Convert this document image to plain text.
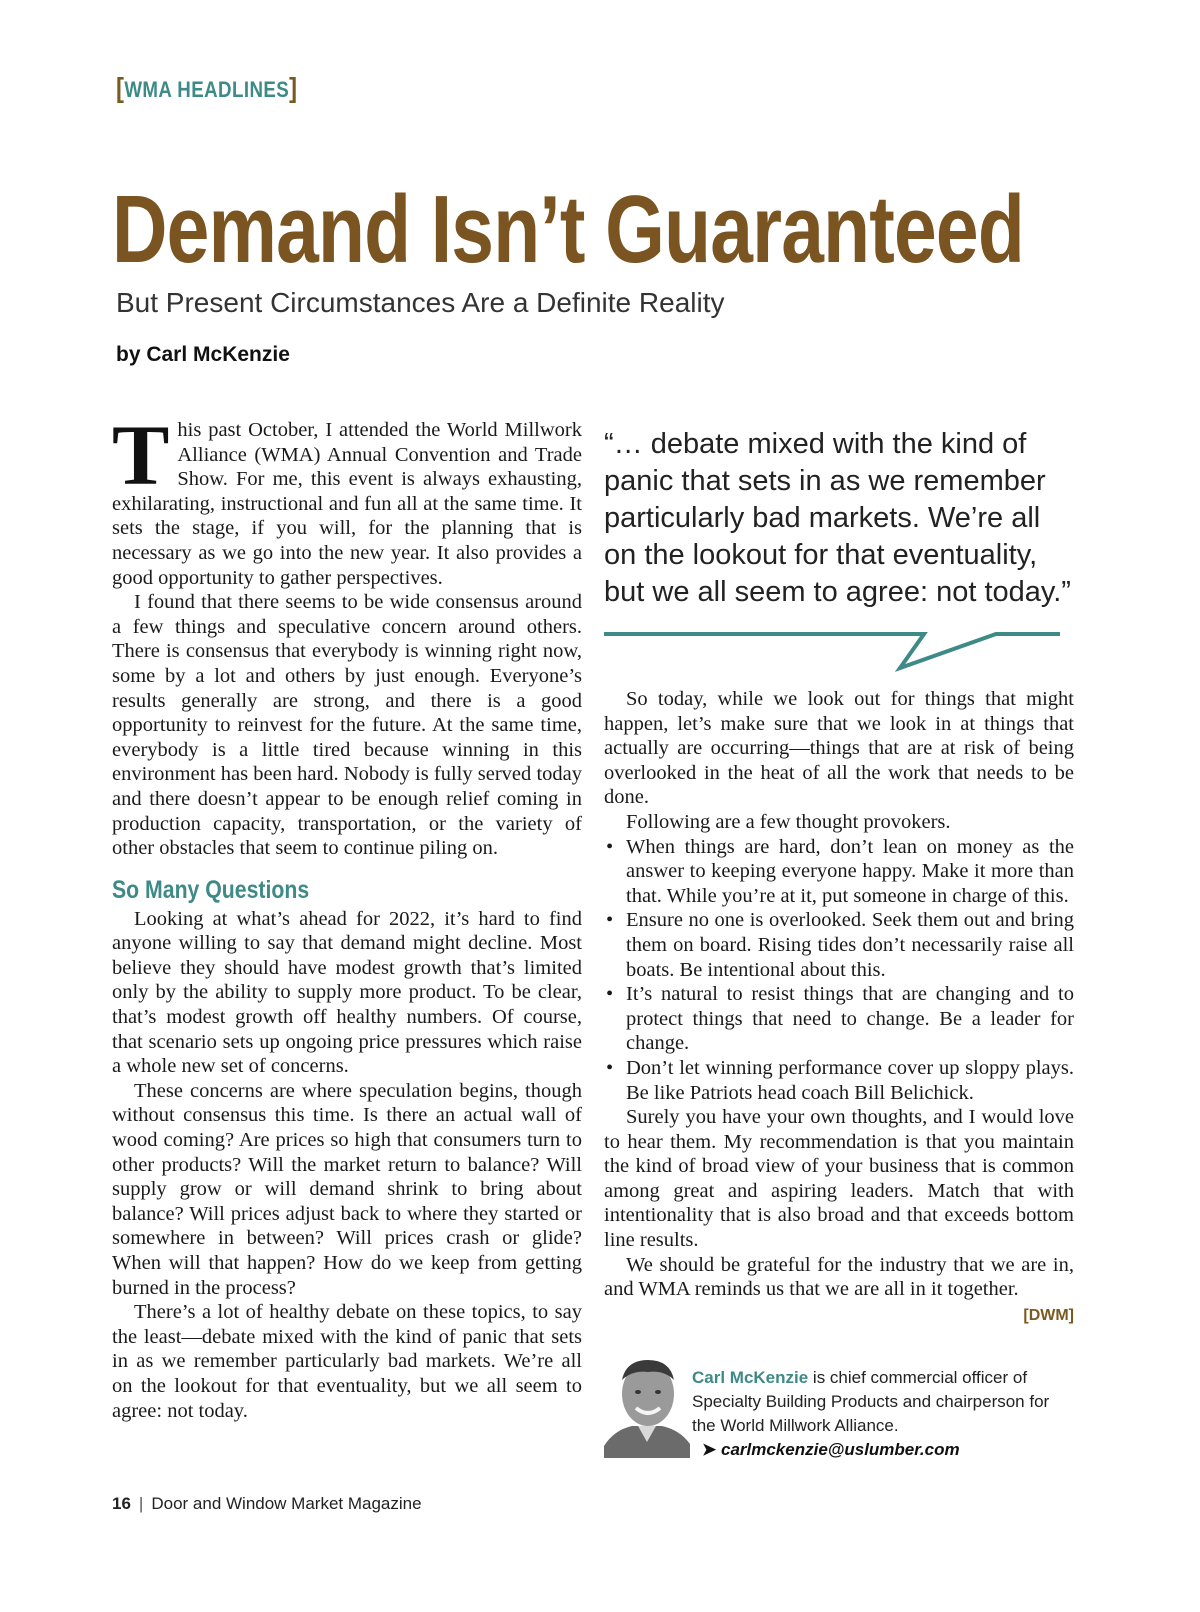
[WMA HEADLINES]
Demand Isn’t Guaranteed
But Present Circumstances Are a Definite Reality
by Carl McKenzie

This past October, I attended the World Millwork Alliance (WMA) Annual Convention and Trade Show. For me, this event is always exhausting, exhilarating, instructional and fun all at the same time. It sets the stage, if you will, for the planning that is necessary as we go into the new year. It also provides a good opportunity to gather perspectives.

I found that there seems to be wide consensus around a few things and speculative concern around others. There is consensus that everybody is winning right now, some by a lot and others by just enough. Everyone’s results generally are strong, and there is a good opportunity to reinvest for the future. At the same time, everybody is a little tired because winning in this environment has been hard. Nobody is fully served today and there doesn’t appear to be enough relief coming in production capacity, transportation, or the variety of other obstacles that seem to continue piling on.

So Many Questions

Looking at what’s ahead for 2022, it’s hard to find anyone willing to say that demand might decline. Most believe they should have modest growth that’s limited only by the ability to supply more product. To be clear, that’s modest growth off healthy numbers. Of course, that scenario sets up ongoing price pressures which raise a whole new set of concerns.

These concerns are where speculation begins, though without consensus this time. Is there an actual wall of wood coming? Are prices so high that consumers turn to other products? Will the market return to balance? Will supply grow or will demand shrink to bring about balance? Will prices adjust back to where they started or somewhere in between? Will prices crash or glide? When will that happen? How do we keep from getting burned in the process?

There’s a lot of healthy debate on these topics, to say the least—debate mixed with the kind of panic that sets in as we remember particularly bad markets. We’re all on the lookout for that eventuality, but we all seem to agree: not today.

“… debate mixed with the kind of panic that sets in as we remember particularly bad markets. We’re all on the lookout for that eventuality, but we all seem to agree: not today.”

So today, while we look out for things that might happen, let’s make sure that we look in at things that actually are occurring—things that are at risk of being overlooked in the heat of all the work that needs to be done.

Following are a few thought provokers.

• When things are hard, don’t lean on money as the answer to keeping everyone happy. Make it more than that. While you’re at it, put someone in charge of this.
• Ensure no one is overlooked. Seek them out and bring them on board. Rising tides don’t necessarily raise all boats. Be intentional about this.
• It’s natural to resist things that are changing and to protect things that need to change. Be a leader for change.
• Don’t let winning performance cover up sloppy plays. Be like Patriots head coach Bill Belichick.

Surely you have your own thoughts, and I would love to hear them. My recommendation is that you maintain the kind of broad view of your business that is common among great and aspiring leaders. Match that with intentionality that is also broad and that exceeds bottom line results.

We should be grateful for the industry that we are in, and WMA reminds us that we are all in it together.

[DWM]
Carl McKenzie is chief commercial officer of Specialty Building Products and chairperson for the World Millwork Alliance.
➤ carlmckenzie@uslumber.com
16 | Door and Window Market Magazine
